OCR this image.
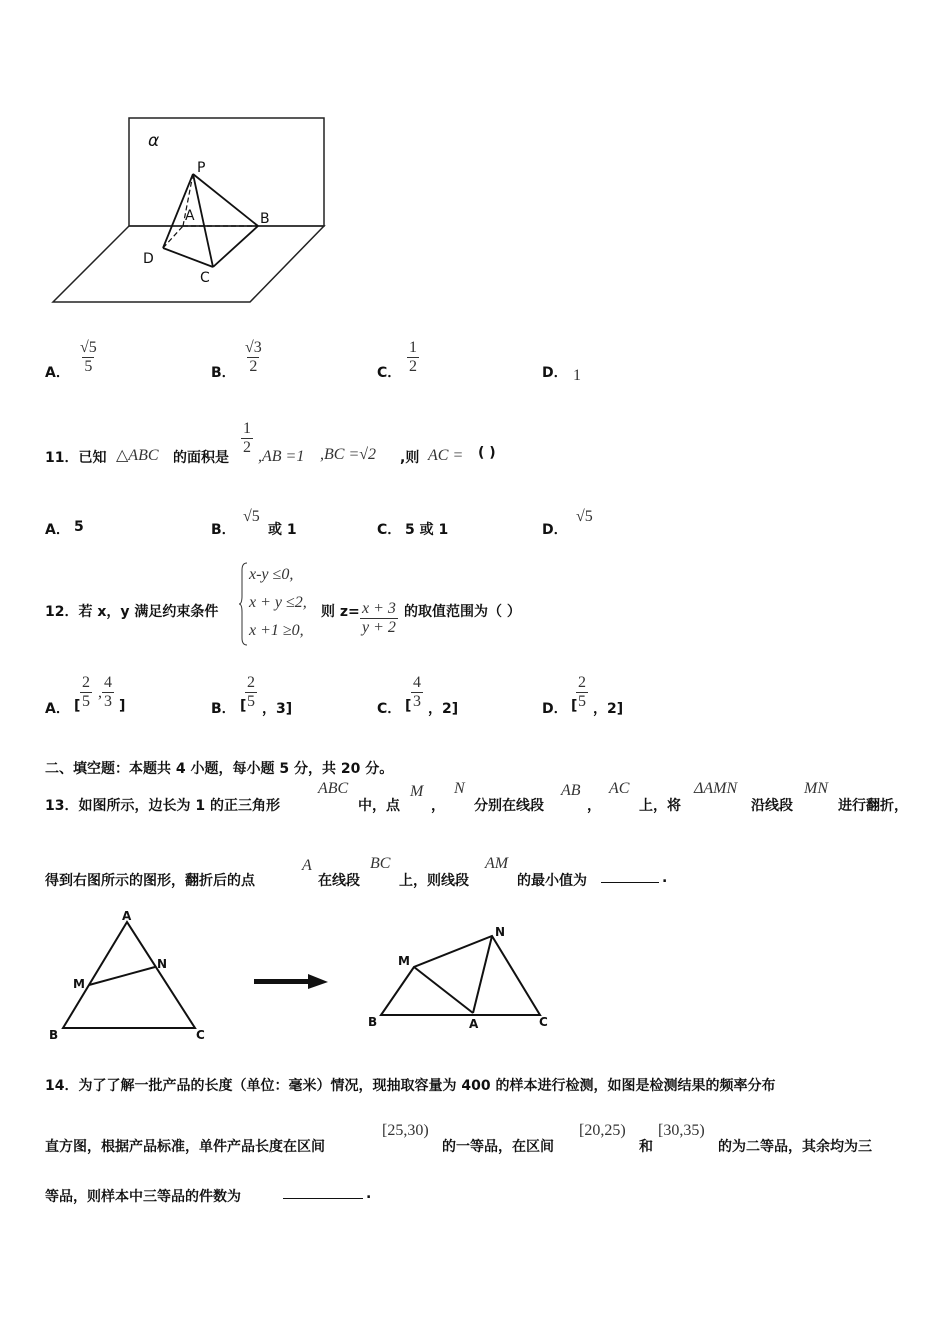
α
P
A	B
C
D
A． $\frac{√5}{5}$	B． $\frac{√3}{2}$	C． $\frac{1}{2}$	D． 1
11．已知 △ABC 的面积是
$\frac{1}{2} ,AB =1$ ,BC =√2 ,则 AC = ( )
A． 5	B．
√5
或 1	C． 5 或 1	D．
√5
12．若 x，y 满足约束条件
x-y ≤0,
x + y ≤2,
x +1 ≥0,
则 $z= \frac{x + 3}{y + 2}$ 的取值范围为（ ）
A． [ $\frac{2}{5}$ , $\frac{4}{3}$ ]	B． [
$\frac{2}{5}$ ，3]	C． [ $\frac{4}{3}$ ，2]	D． [
$\frac{2}{5}$ ，2]
二、填空题：本题共 4 小题，每小题 5 分，共 20 分。
13．如图所示，边长为 1 的正三角形
ABC
中，点
M
，
N
分别在线段
AB
，
AC
上，将
ΔAMN
沿线段
MN
进行翻折，
得到右图所示的图形，翻折后的点
A
在线段
BC
上，则线段
AM
的最小值为	.
A
M
N
B	C
N
M
B	A	C
14．为了了解一批产品的长度（单位：毫米）情况，现抽取容量为 400 的样本进行检测，如图是检测结果的频率分布
直方图，根据产品标准，单件产品长度在区间
[25,30)
的一等品，在区间
[20,25)
和
[30,35)
的为二等品，其余均为三
等品，则样本中三等品的件数为	.
